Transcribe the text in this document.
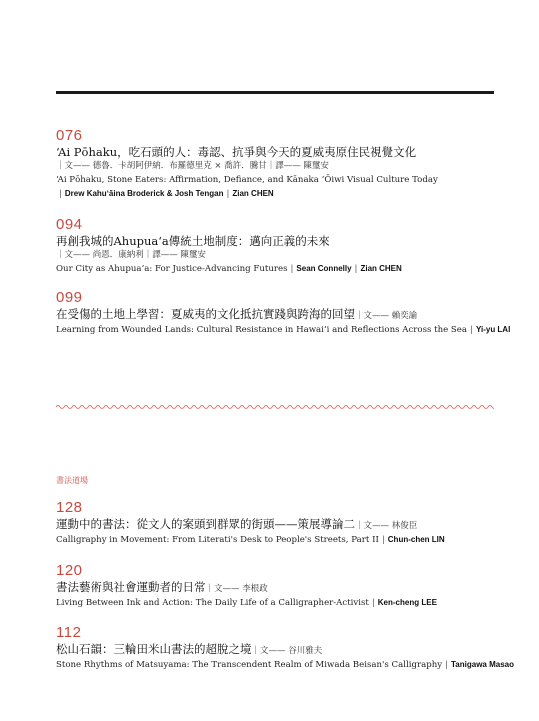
076
ʻAi Pōhaku，吃石頭的人：毒認、抗爭與今天的夏威夷原住民視覺文化
｜文—— 德魯．卡胡阿伊納．布羅德里克 × 喬許．騰甘｜譯—— 陳璽安
ʻAi Pōhaku, Stone Eaters: Affirmation, Defiance, and Kānaka ʻŌiwi Visual Culture Today
| Drew Kahuʻāina Broderick & Josh Tengan | Zian CHEN
094
再創我城的Ahupuaʻa傳統土地制度：邁向正義的未來
｜文—— 尚恩．康納利｜譯—— 陳璽安
Our City as Ahupuaʻa: For Justice-Advancing Futures | Sean Connelly | Zian CHEN
099
在受傷的土地上學習：夏威夷的文化抵抗實踐與跨海的回望｜文—— 賴奕諭
Learning from Wounded Lands: Cultural Resistance in Hawaiʻi and Reflections Across the Sea | Yi-yu LAI
書法道場
128
運動中的書法：從文人的案頭到群眾的街頭——策展導論二｜文—— 林俊臣
Calligraphy in Movement: From Literati's Desk to People's Streets, Part II | Chun-chen LIN
120
書法藝術與社會運動者的日常｜文—— 李根政
Living Between Ink and Action: The Daily Life of a Calligrapher-Activist | Ken-cheng LEE
112
松山石韻：三輪田米山書法的超脫之境｜文—— 谷川雅夫
Stone Rhythms of Matsuyama: The Transcendent Realm of Miwada Beisan's Calligraphy | Tanigawa Masao
